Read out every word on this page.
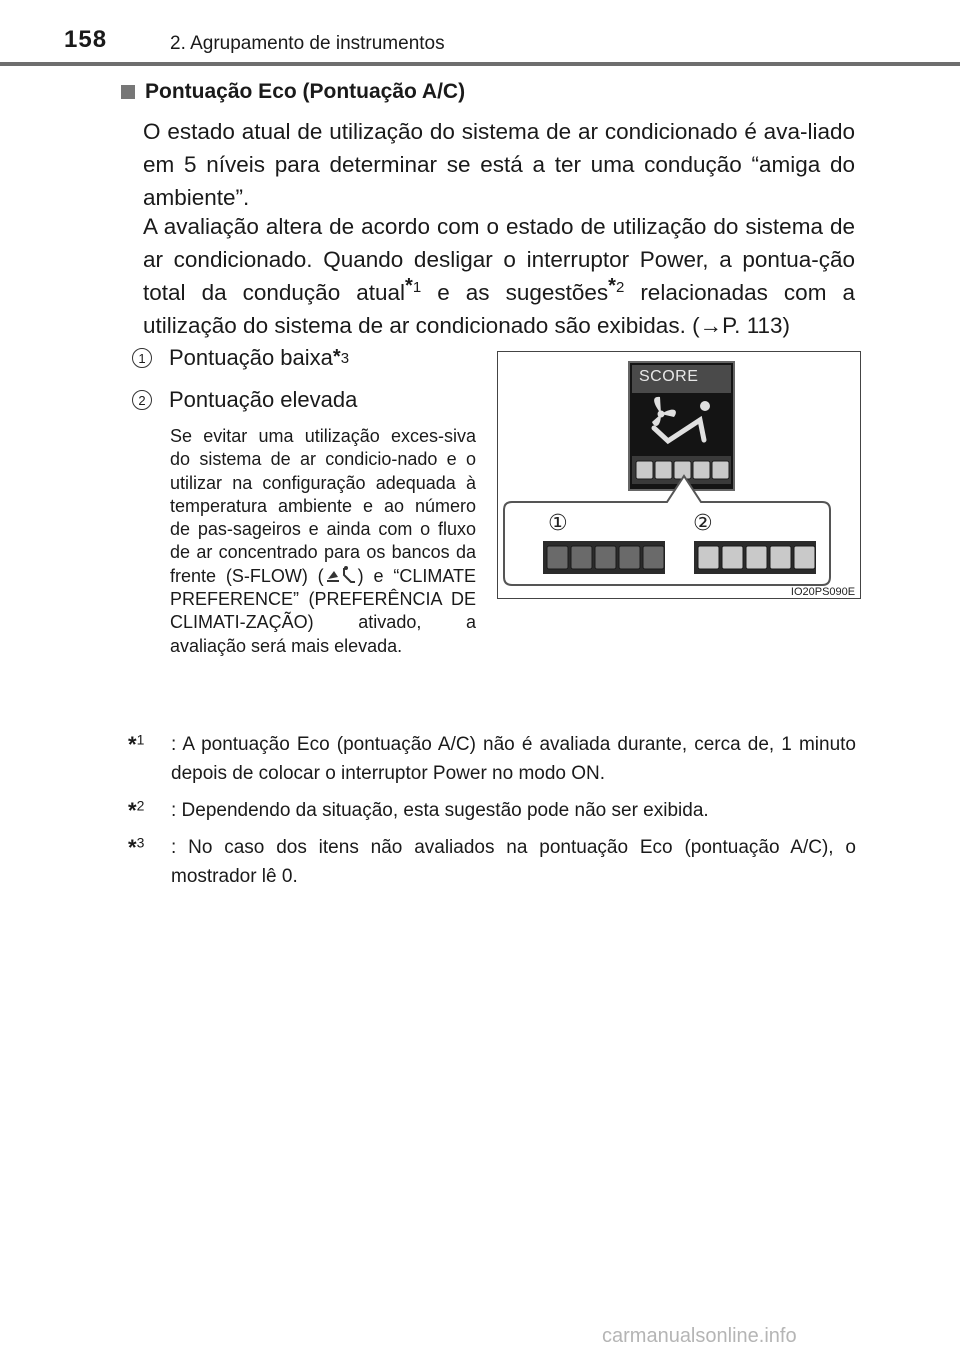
158	2. Agrupamento de instrumentos
Pontuação Eco (Pontuação A/C)

O estado atual de utilização do sistema de ar condicionado é ava-liado em 5 níveis para determinar se está a ter uma condução “amiga do ambiente”.

A avaliação altera de acordo com o estado de utilização do sistema de ar condicionado. Quando desligar o interruptor Power, a pontua-ção total da condução atual$^{*1}$ e as sugestões$^{*2}$ relacionadas com a utilização do sistema de ar condicionado são exibidas. (→P. 113)

1 Pontuação baixa *3
2 Pontuação elevada

Se evitar uma utilização exces-siva do sistema de ar condicio-nado e o utilizar na configuração adequada à temperatura ambiente e ao número de pas-sageiros e ainda com o fluxo de ar concentrado para os bancos da frente (S-FLOW) ( ) e “CLIMATE PREFERENCE” (PREFERÊNCIA DE CLIMATI-ZAÇÃO) ativado, a avaliação será mais elevada.

SCORE
①	②
IO20PS090E
*$^1$	: A pontuação Eco (pontuação A/C) não é avaliada durante, cerca de, 1 minuto depois de colocar o interruptor Power no modo ON.
*$^2$	: Dependendo da situação, esta sugestão pode não ser exibida.
*$^3$	: No caso dos itens não avaliados na pontuação Eco (pontuação A/C), o mostrador lê 0.
carmanualsonline.info
